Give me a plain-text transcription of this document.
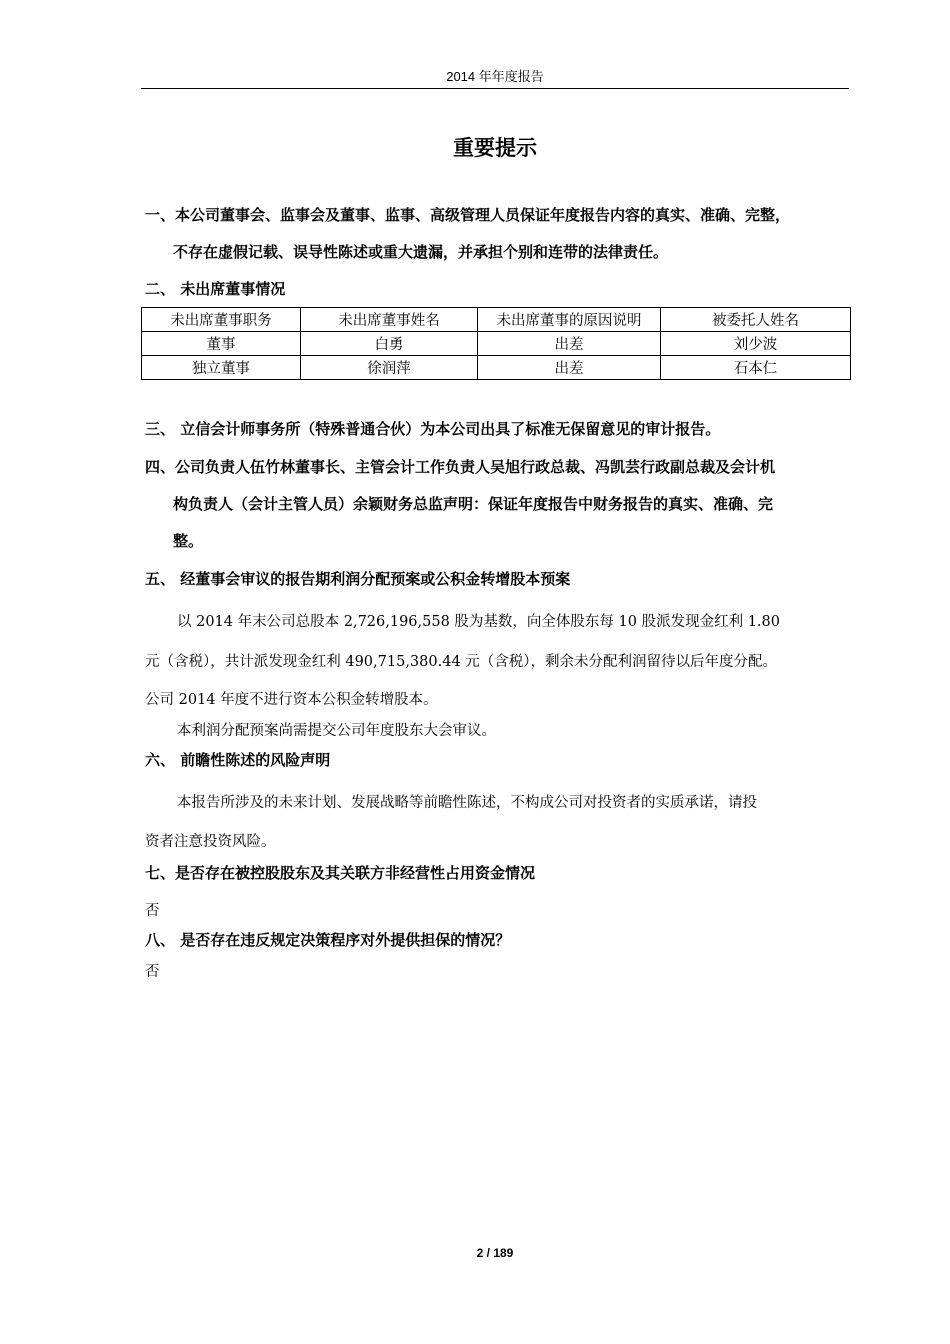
2014 年年度报告
重要提示
一、本公司董事会、监事会及董事、监事、高级管理人员保证年度报告内容的真实、准确、完整，
不存在虚假记载、误导性陈述或重大遗漏，并承担个别和连带的法律责任。
二、 未出席董事情况
未出席董事职务	未出席董事姓名	未出席董事的原因说明	被委托人姓名
董事	白勇	出差	刘少波
独立董事	徐润萍	出差	石本仁
三、 立信会计师事务所（特殊普通合伙）为本公司出具了标准无保留意见的审计报告。
四、公司负责人伍竹林董事长、主管会计工作负责人吴旭行政总裁、冯凯芸行政副总裁及会计机
构负责人（会计主管人员）余颖财务总监声明：保证年度报告中财务报告的真实、准确、完
整。
五、 经董事会审议的报告期利润分配预案或公积金转增股本预案
以 2014 年末公司总股本 2,726,196,558 股为基数，向全体股东每 10 股派发现金红利 1.80
元（含税），共计派发现金红利 490,715,380.44 元（含税），剩余未分配利润留待以后年度分配。
公司 2014 年度不进行资本公积金转增股本。
本利润分配预案尚需提交公司年度股东大会审议。
六、 前瞻性陈述的风险声明
本报告所涉及的未来计划、发展战略等前瞻性陈述，不构成公司对投资者的实质承诺，请投
资者注意投资风险。
七、是否存在被控股股东及其关联方非经营性占用资金情况
否
八、 是否存在违反规定决策程序对外提供担保的情况？
否
2 / 189
